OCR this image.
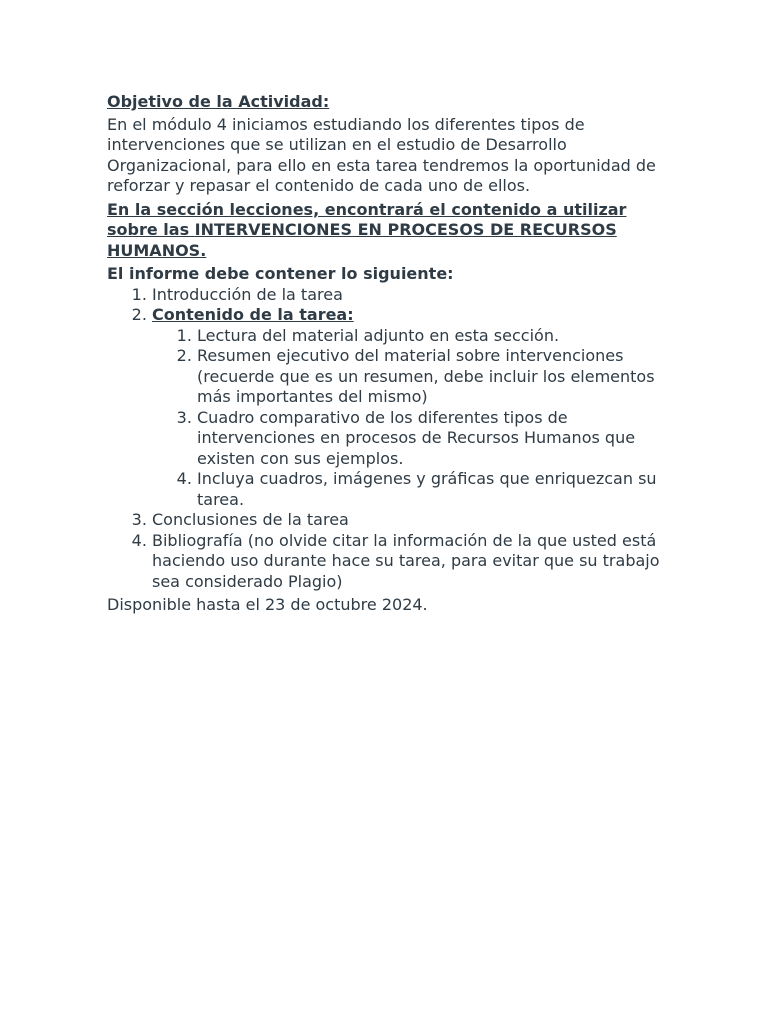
Objetivo de la Actividad:

En el módulo 4 iniciamos estudiando los diferentes tipos de intervenciones que se utilizan en el estudio de Desarrollo Organizacional, para ello en esta tarea tendremos la oportunidad de reforzar y repasar el contenido de cada uno de ellos.

En la sección lecciones, encontrará el contenido a utilizar sobre las INTERVENCIONES EN PROCESOS DE RECURSOS HUMANOS.

El informe debe contener lo siguiente:

1. Introducción de la tarea
2. Contenido de la tarea:
1. Lectura del material adjunto en esta sección.
2. Resumen ejecutivo del material sobre intervenciones (recuerde que es un resumen, debe incluir los elementos más importantes del mismo)
3. Cuadro comparativo de los diferentes tipos de intervenciones en procesos de Recursos Humanos que existen con sus ejemplos.
4. Incluya cuadros, imágenes y gráficas que enriquezcan su tarea.
3. Conclusiones de la tarea
4. Bibliografía (no olvide citar la información de la que usted está haciendo uso durante hace su tarea, para evitar que su trabajo sea considerado Plagio)

Disponible hasta el 23 de octubre 2024.
